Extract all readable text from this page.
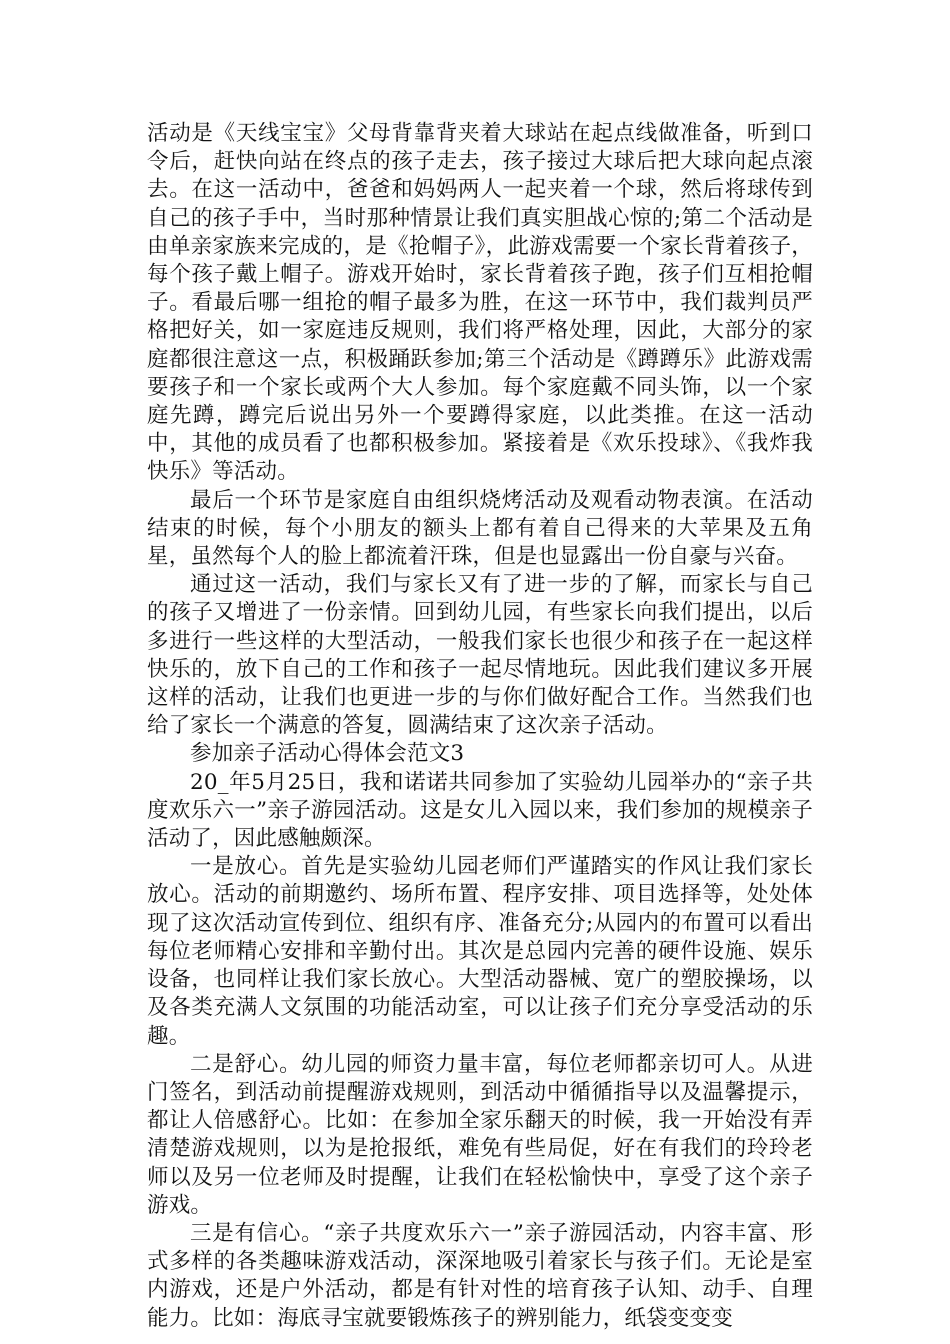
活动是《天线宝宝》父母背靠背夹着大球站在起点线做准备，听到口令后，赶快向站在终点的孩子走去，孩子接过大球后把大球向起点滚去。在这一活动中，爸爸和妈妈两人一起夹着一个球，然后将球传到自己的孩子手中，当时那种情景让我们真实胆战心惊的;第二个活动是由单亲家族来完成的，是《抢帽子》，此游戏需要一个家长背着孩子，每个孩子戴上帽子。游戏开始时，家长背着孩子跑，孩子们互相抢帽子。看最后哪一组抢的帽子最多为胜，在这一环节中，我们裁判员严格把好关，如一家庭违反规则，我们将严格处理，因此，大部分的家庭都很注意这一点，积极踊跃参加;第三个活动是《蹲蹲乐》此游戏需要孩子和一个家长或两个大人参加。每个家庭戴不同头饰，以一个家庭先蹲，蹲完后说出另外一个要蹲得家庭，以此类推。在这一活动中，其他的成员看了也都积极参加。紧接着是《欢乐投球》、《我炸我快乐》等活动。

最后一个环节是家庭自由组织烧烤活动及观看动物表演。在活动结束的时候，每个小朋友的额头上都有着自己得来的大苹果及五角星，虽然每个人的脸上都流着汗珠，但是也显露出一份自豪与兴奋。

通过这一活动，我们与家长又有了进一步的了解，而家长与自己的孩子又增进了一份亲情。回到幼儿园，有些家长向我们提出，以后多进行一些这样的大型活动，一般我们家长也很少和孩子在一起这样快乐的，放下自己的工作和孩子一起尽情地玩。因此我们建议多开展这样的活动，让我们也更进一步的与你们做好配合工作。当然我们也给了家长一个满意的答复，圆满结束了这次亲子活动。

参加亲子活动心得体会范文3

20_年5月25日，我和诺诺共同参加了实验幼儿园举办的“亲子共度欢乐六一”亲子游园活动。这是女儿入园以来，我们参加的规模亲子活动了，因此感触颇深。

一是放心。首先是实验幼儿园老师们严谨踏实的作风让我们家长放心。活动的前期邀约、场所布置、程序安排、项目选择等，处处体现了这次活动宣传到位、组织有序、准备充分;从园内的布置可以看出每位老师精心安排和辛勤付出。其次是总园内完善的硬件设施、娱乐设备，也同样让我们家长放心。大型活动器械、宽广的塑胶操场，以及各类充满人文氛围的功能活动室，可以让孩子们充分享受活动的乐趣。

二是舒心。幼儿园的师资力量丰富，每位老师都亲切可人。从进门签名，到活动前提醒游戏规则，到活动中循循指导以及温馨提示，都让人倍感舒心。比如：在参加全家乐翻天的时候，我一开始没有弄清楚游戏规则，以为是抢报纸，难免有些局促，好在有我们的玲玲老师以及另一位老师及时提醒，让我们在轻松愉快中，享受了这个亲子游戏。

三是有信心。“亲子共度欢乐六一”亲子游园活动，内容丰富、形式多样的各类趣味游戏活动，深深地吸引着家长与孩子们。无论是室内游戏，还是户外活动，都是有针对性的培育孩子认知、动手、自理能力。比如：海底寻宝就要锻炼孩子的辨别能力，纸袋变变变
